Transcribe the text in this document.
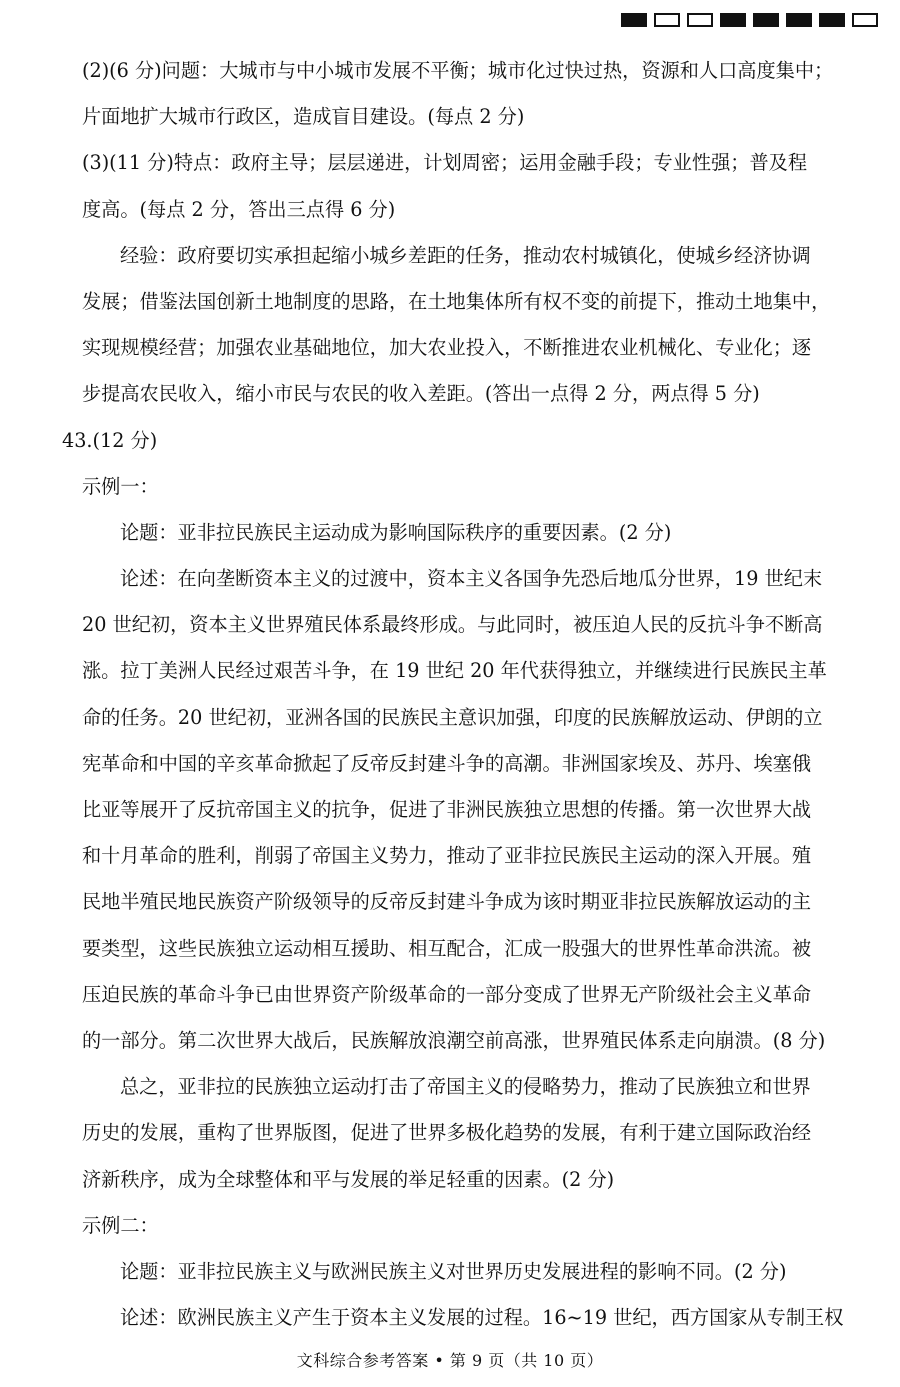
(2)(6 分)问题：大城市与中小城市发展不平衡；城市化过快过热，资源和人口高度集中；
片面地扩大城市行政区，造成盲目建设。(每点 2 分)
(3)(11 分)特点：政府主导；层层递进，计划周密；运用金融手段；专业性强；普及程
度高。(每点 2 分，答出三点得 6 分)
经验：政府要切实承担起缩小城乡差距的任务，推动农村城镇化，使城乡经济协调
发展；借鉴法国创新土地制度的思路，在土地集体所有权不变的前提下，推动土地集中，
实现规模经营；加强农业基础地位，加大农业投入，不断推进农业机械化、专业化；逐
步提高农民收入，缩小市民与农民的收入差距。(答出一点得 2 分，两点得 5 分)
43.(12 分)
示例一：
论题：亚非拉民族民主运动成为影响国际秩序的重要因素。(2 分)
论述：在向垄断资本主义的过渡中，资本主义各国争先恐后地瓜分世界，19 世纪末
20 世纪初，资本主义世界殖民体系最终形成。与此同时，被压迫人民的反抗斗争不断高
涨。拉丁美洲人民经过艰苦斗争，在 19 世纪 20 年代获得独立，并继续进行民族民主革
命的任务。20 世纪初，亚洲各国的民族民主意识加强，印度的民族解放运动、伊朗的立
宪革命和中国的辛亥革命掀起了反帝反封建斗争的高潮。非洲国家埃及、苏丹、埃塞俄
比亚等展开了反抗帝国主义的抗争，促进了非洲民族独立思想的传播。第一次世界大战
和十月革命的胜利，削弱了帝国主义势力，推动了亚非拉民族民主运动的深入开展。殖
民地半殖民地民族资产阶级领导的反帝反封建斗争成为该时期亚非拉民族解放运动的主
要类型，这些民族独立运动相互援助、相互配合，汇成一股强大的世界性革命洪流。被
压迫民族的革命斗争已由世界资产阶级革命的一部分变成了世界无产阶级社会主义革命
的一部分。第二次世界大战后，民族解放浪潮空前高涨，世界殖民体系走向崩溃。(8 分)
总之，亚非拉的民族独立运动打击了帝国主义的侵略势力，推动了民族独立和世界
历史的发展，重构了世界版图，促进了世界多极化趋势的发展，有利于建立国际政治经
济新秩序，成为全球整体和平与发展的举足轻重的因素。(2 分)
示例二：
论题：亚非拉民族主义与欧洲民族主义对世界历史发展进程的影响不同。(2 分)
论述：欧洲民族主义产生于资本主义发展的过程。16~19 世纪，西方国家从专制王权
文科综合参考答案 • 第 9 页（共 10 页）
